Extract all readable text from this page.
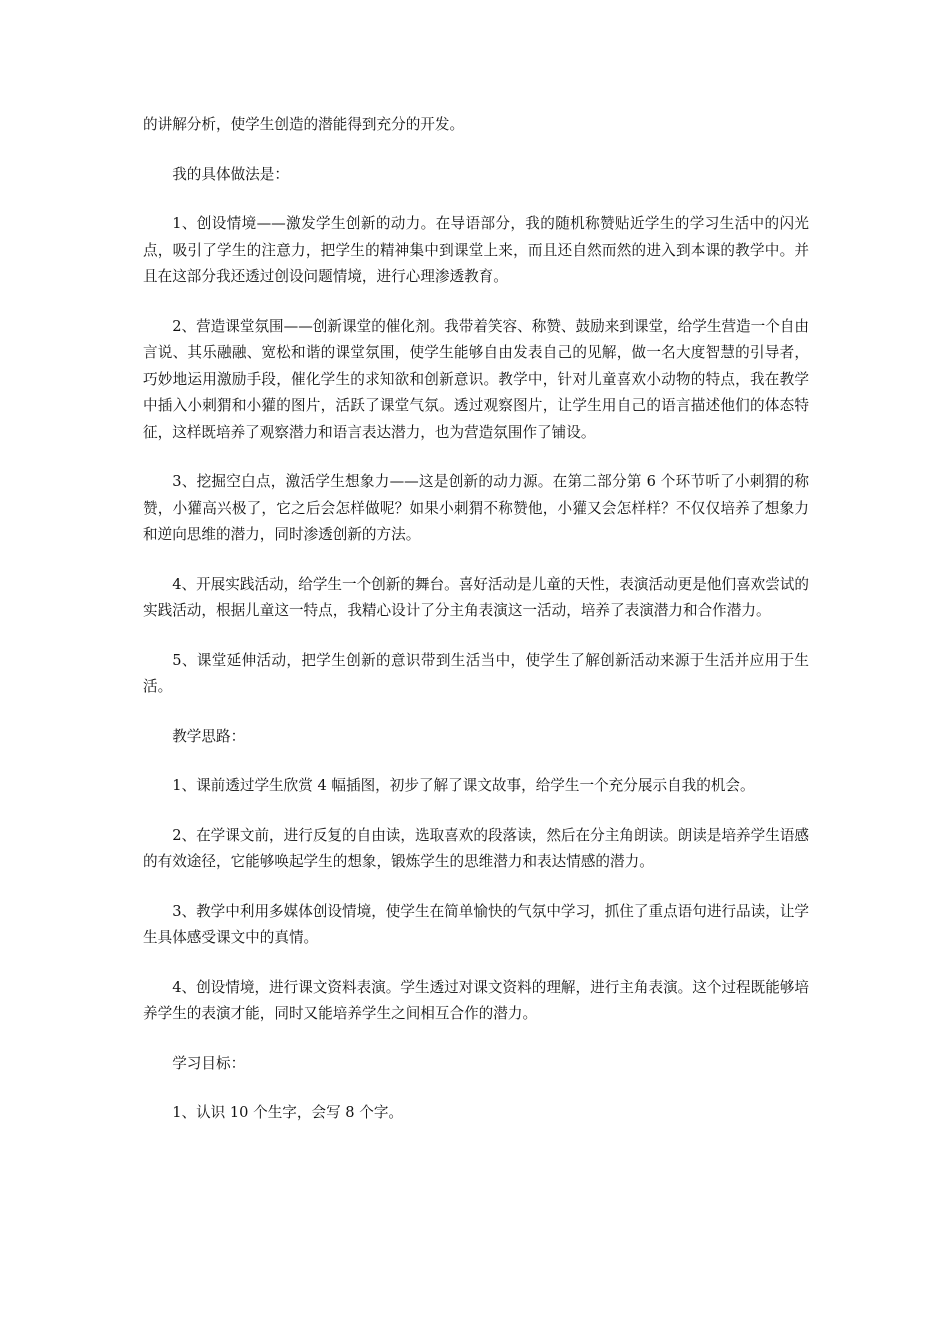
的讲解分析，使学生创造的潜能得到充分的开发。

我的具体做法是：

1、创设情境——激发学生创新的动力。在导语部分，我的随机称赞贴近学生的学习生活中的闪光点，吸引了学生的注意力，把学生的精神集中到课堂上来，而且还自然而然的进入到本课的教学中。并且在这部分我还透过创设问题情境，进行心理渗透教育。

2、营造课堂氛围——创新课堂的催化剂。我带着笑容、称赞、鼓励来到课堂，给学生营造一个自由言说、其乐融融、宽松和谐的课堂氛围，使学生能够自由发表自己的见解，做一名大度智慧的引导者，巧妙地运用激励手段，催化学生的求知欲和创新意识。教学中，针对儿童喜欢小动物的特点，我在教学中插入小刺猬和小獾的图片，活跃了课堂气氛。透过观察图片，让学生用自己的语言描述他们的体态特征，这样既培养了观察潜力和语言表达潜力，也为营造氛围作了铺设。

3、挖掘空白点，激活学生想象力——这是创新的动力源。在第二部分第 6 个环节听了小刺猬的称赞，小獾高兴极了，它之后会怎样做呢？如果小刺猬不称赞他，小獾又会怎样样？不仅仅培养了想象力和逆向思维的潜力，同时渗透创新的方法。

4、开展实践活动，给学生一个创新的舞台。喜好活动是儿童的天性，表演活动更是他们喜欢尝试的实践活动，根据儿童这一特点，我精心设计了分主角表演这一活动，培养了表演潜力和合作潜力。

5、课堂延伸活动，把学生创新的意识带到生活当中，使学生了解创新活动来源于生活并应用于生活。

教学思路：

1、课前透过学生欣赏 4 幅插图，初步了解了课文故事，给学生一个充分展示自我的机会。

2、在学课文前，进行反复的自由读，选取喜欢的段落读，然后在分主角朗读。朗读是培养学生语感的有效途径，它能够唤起学生的想象，锻炼学生的思维潜力和表达情感的潜力。

3、教学中利用多媒体创设情境，使学生在简单愉快的气氛中学习，抓住了重点语句进行品读，让学生具体感受课文中的真情。

4、创设情境，进行课文资料表演。学生透过对课文资料的理解，进行主角表演。这个过程既能够培养学生的表演才能，同时又能培养学生之间相互合作的潜力。

学习目标：

1、认识 10 个生字，会写 8 个字。
